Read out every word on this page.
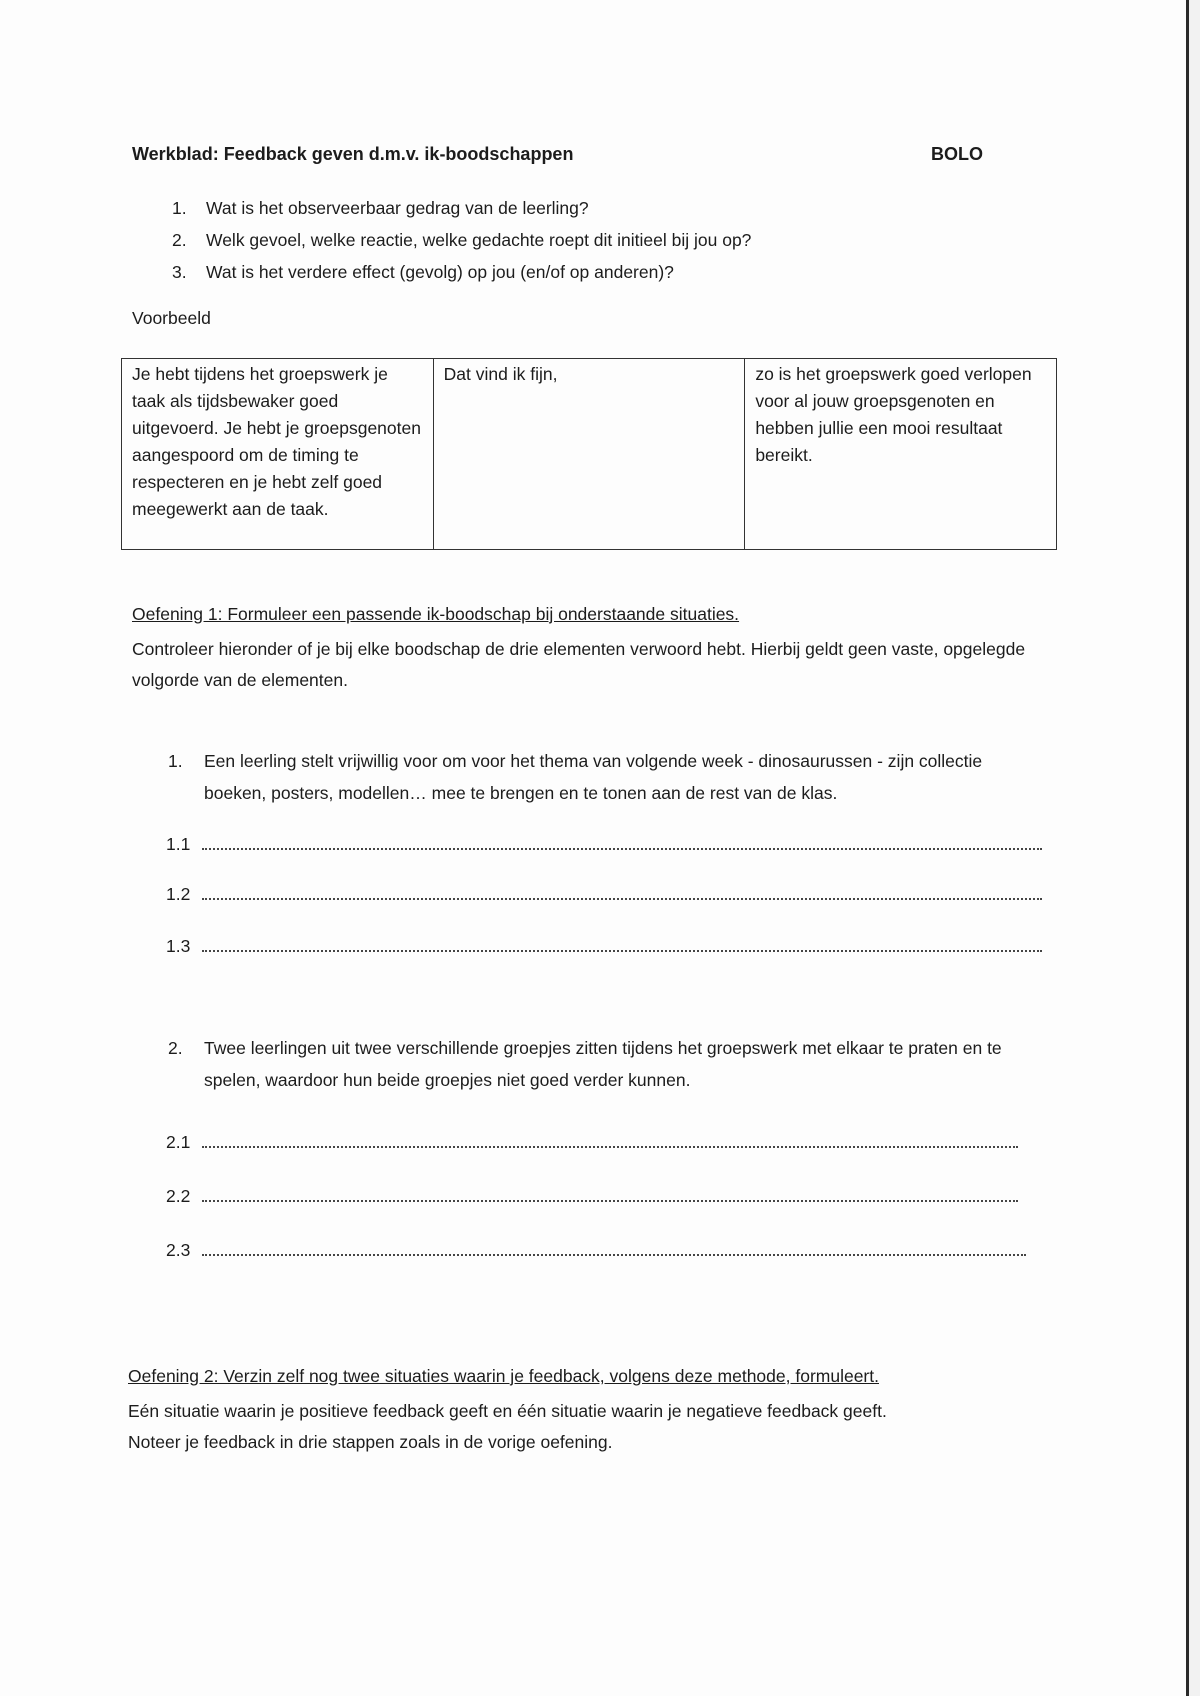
Werkblad: Feedback geven d.m.v. ik-boodschappen	BOLO
1.	Wat is het observeerbaar gedrag van de leerling?
2.	Welk gevoel, welke reactie, welke gedachte roept dit initieel bij jou op?
3.	Wat is het verdere effect (gevolg) op jou (en/of op anderen)?
Voorbeeld
Je hebt tijdens het groepswerk je taak als tijdsbewaker goed uitgevoerd. Je hebt je groepsgenoten aangespoord om de timing te respecteren en je hebt zelf goed meegewerkt aan de taak.	Dat vind ik fijn,	zo is het groepswerk goed verlopen voor al jouw groepsgenoten en hebben jullie een mooi resultaat bereikt.
Oefening 1: Formuleer een passende ik-boodschap bij onderstaande situaties.
Controleer hieronder of je bij elke boodschap de drie elementen verwoord hebt. Hierbij geldt geen vaste, opgelegde volgorde van de elementen.
1.	Een leerling stelt vrijwillig voor om voor het thema van volgende week - dinosaurussen - zijn collectie boeken, posters, modellen… mee te brengen en te tonen aan de rest van de klas.
1.1
1.2
1.3
2.	Twee leerlingen uit twee verschillende groepjes zitten tijdens het groepswerk met elkaar te praten en te spelen, waardoor hun beide groepjes niet goed verder kunnen.
2.1
2.2
2.3
Oefening 2: Verzin zelf nog twee situaties waarin je feedback, volgens deze methode, formuleert.
Eén situatie waarin je positieve feedback geeft en één situatie waarin je negatieve feedback geeft.
Noteer je feedback in drie stappen zoals in de vorige oefening.
